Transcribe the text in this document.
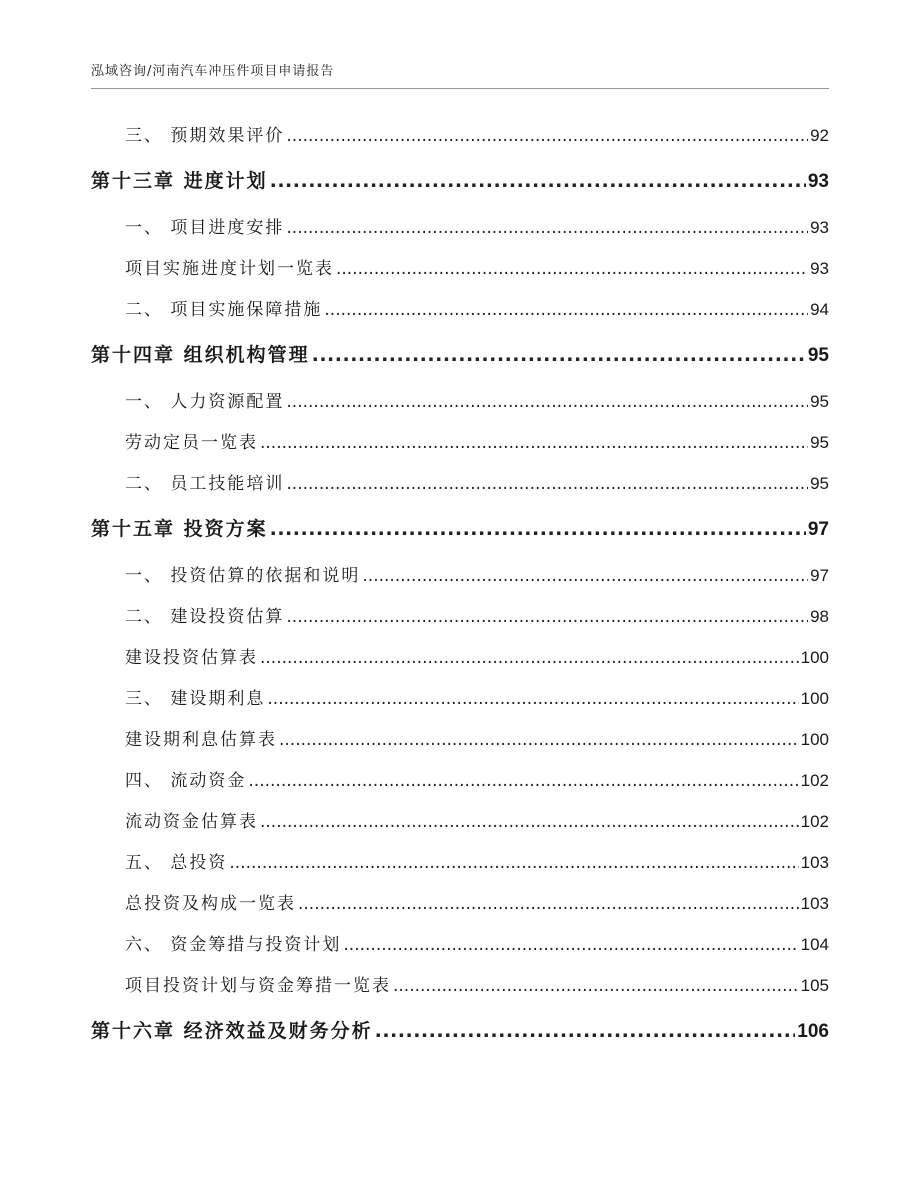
泓域咨询/河南汽车冲压件项目申请报告
三、 预期效果评价 .....	92
第十三章 进度计划 .....	93
一、 项目进度安排 .....	93
项目实施进度计划一览表 .....	93
二、 项目实施保障措施 .....	94
第十四章 组织机构管理 .....	95
一、 人力资源配置 .....	95
劳动定员一览表 .....	95
二、 员工技能培训 .....	95
第十五章 投资方案 .....	97
一、 投资估算的依据和说明 .....	97
二、 建设投资估算 .....	98
建设投资估算表 .....	100
三、 建设期利息 .....	100
建设期利息估算表 .....	100
四、 流动资金 .....	102
流动资金估算表 .....	102
五、 总投资 .....	103
总投资及构成一览表 .....	103
六、 资金筹措与投资计划 .....	104
项目投资计划与资金筹措一览表 .....	105
第十六章 经济效益及财务分析 .....	106
